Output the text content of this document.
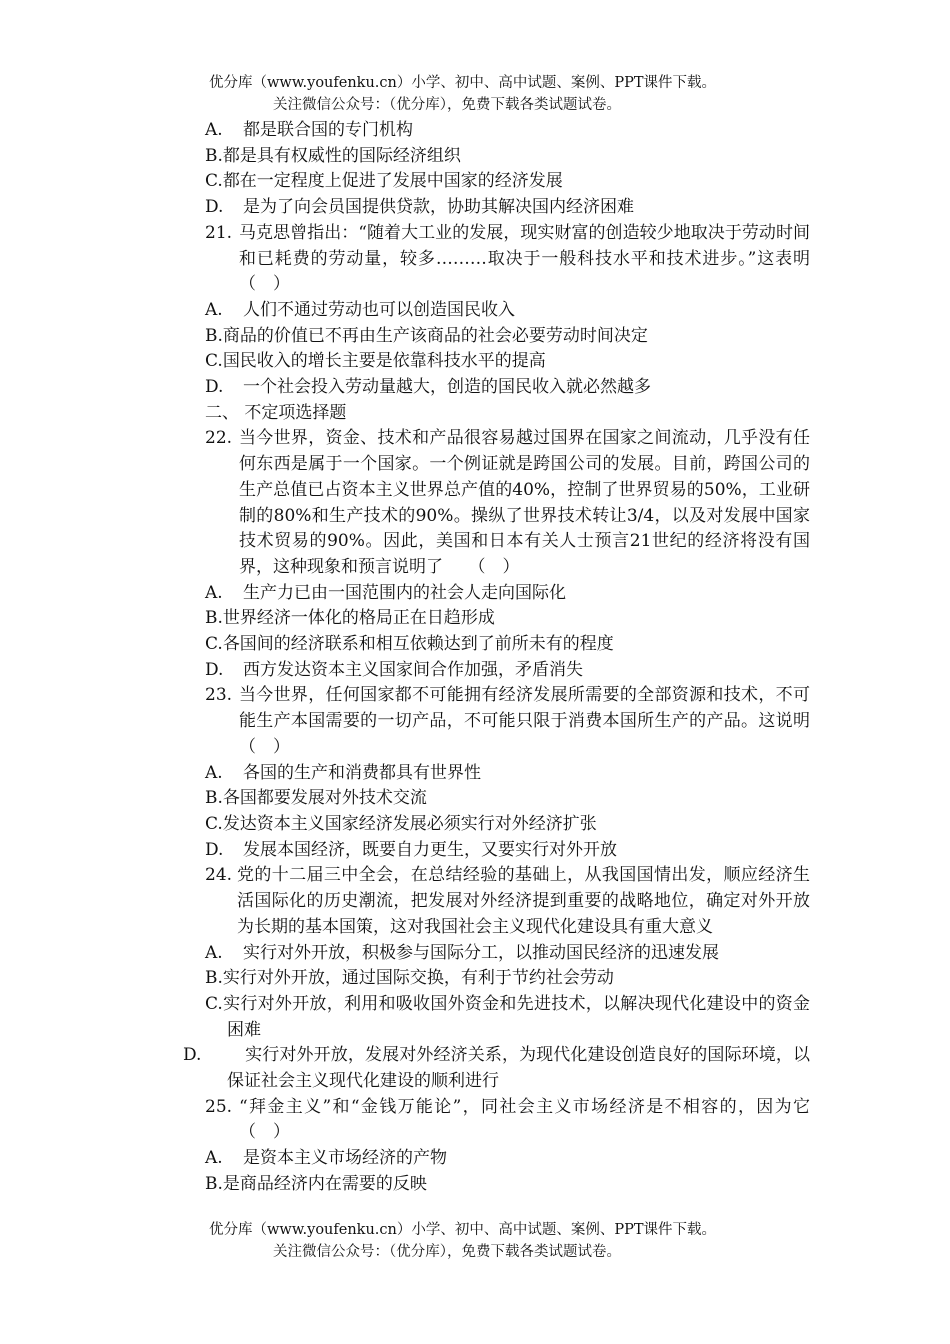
优分库（www.youfenku.cn）小学、初中、高中试题、案例、PPT课件下载。
关注微信公众号：（优分库），免费下载各类试题试卷。
A. 都是联合国的专门机构
B.都是具有权威性的国际经济组织
C.都在一定程度上促进了发展中国家的经济发展
D. 是为了向会员国提供贷款，协助其解决国内经济困难
21. 马克思曾指出：“随着大工业的发展，现实财富的创造较少地取决于劳动时间和已耗费的劳动量，较多………取决于一般科技水平和技术进步。”这表明　　（　）
A. 人们不通过劳动也可以创造国民收入
B.商品的价值已不再由生产该商品的社会必要劳动时间决定
C.国民收入的增长主要是依靠科技水平的提高
D. 一个社会投入劳动量越大，创造的国民收入就必然越多
二、 不定项选择题
22. 当今世界，资金、技术和产品很容易越过国界在国家之间流动，几乎没有任何东西是属于一个国家。一个例证就是跨国公司的发展。目前，跨国公司的生产总值已占资本主义世界总产值的40%，控制了世界贸易的50%，工业研制的80%和生产技术的90%。操纵了世界技术转让3/4，以及对发展中国家技术贸易的90%。因此，美国和日本有关人士预言21世纪的经济将没有国界，这种现象和预言说明了　　（　）
A. 生产力已由一国范围内的社会人走向国际化
B.世界经济一体化的格局正在日趋形成
C.各国间的经济联系和相互依赖达到了前所未有的程度
D. 西方发达资本主义国家间合作加强，矛盾消失
23. 当今世界，任何国家都不可能拥有经济发展所需要的全部资源和技术，不可能生产本国需要的一切产品，不可能只限于消费本国所生产的产品。这说明　（　）
A. 各国的生产和消费都具有世界性
B.各国都要发展对外技术交流
C.发达资本主义国家经济发展必须实行对外经济扩张
D. 发展本国经济，既要自力更生，又要实行对外开放
24. 党的十二届三中全会，在总结经验的基础上，从我国国情出发，顺应经济生活国际化的历史潮流，把发展对外经济提到重要的战略地位，确定对外开放为长期的基本国策，这对我国社会主义现代化建设具有重大意义
A. 实行对外开放，积极参与国际分工，以推动国民经济的迅速发展
B.实行对外开放，通过国际交换，有利于节约社会劳动
C.实行对外开放，利用和吸收国外资金和先进技术，以解决现代化建设中的资金困难
D.	实行对外开放，发展对外经济关系，为现代化建设创造良好的国际环境，以保证社会主义现代化建设的顺利进行
25. “拜金主义”和“金钱万能论”，同社会主义市场经济是不相容的，因为它　（　）
A. 是资本主义市场经济的产物
B.是商品经济内在需要的反映
优分库（www.youfenku.cn）小学、初中、高中试题、案例、PPT课件下载。
关注微信公众号：（优分库），免费下载各类试题试卷。
